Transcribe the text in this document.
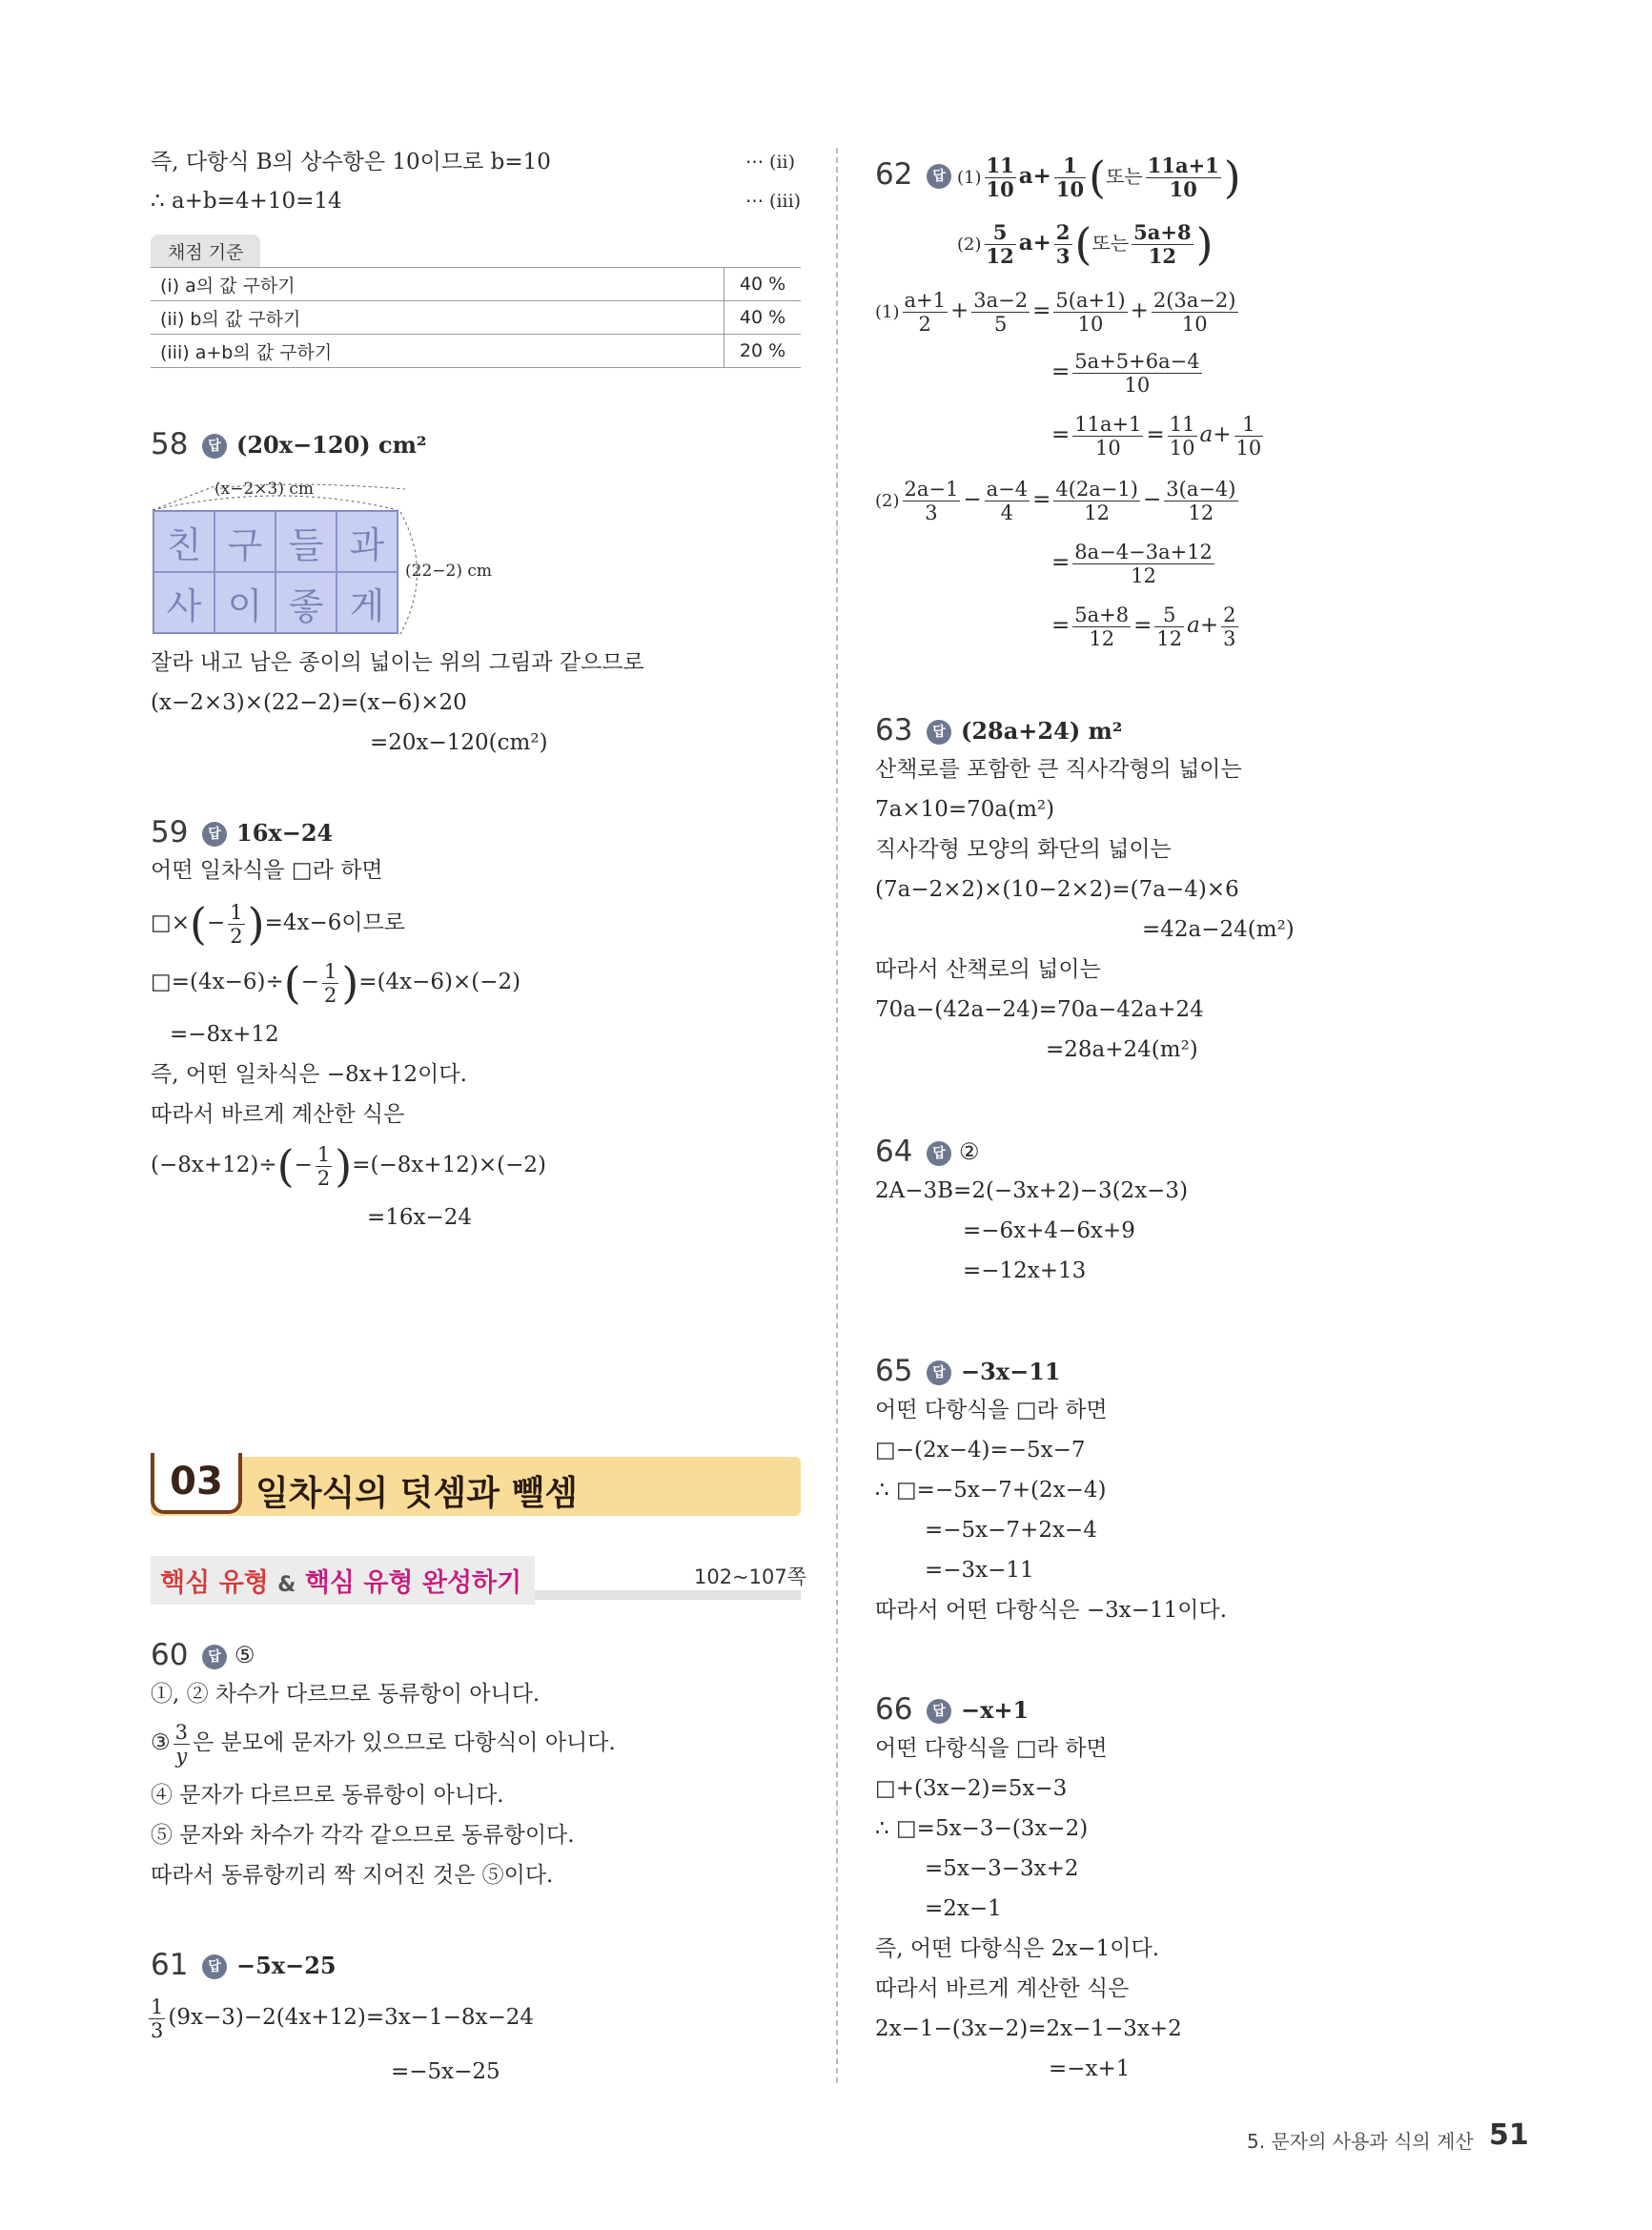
즉, 다항식 B의 상수항은 10이므로 b=10	⋯ (ii)
∴ a+b=4+10=14	⋯ (iii)
채점 기준
(i) a의 값 구하기	40 %
(ii) b의 값 구하기	40 %
(iii) a+b의 값 구하기	20 %
58	답 (20x−120) cm²
(x−2×3) cm
친 구 들 과
사 이 좋 게
(22−2) cm
잘라 내고 남은 종이의 넓이는 위의 그림과 같으므로
(x−2×3)×(22−2)=(x−6)×20
=20x−120(cm²)
59	답 16x−24
어떤 일차식을 □라 하면
□×(− $\frac{1}{2} )=4x-6$이므로
□=(4x−6)÷(− $\frac{1}{2} )=(4x-6)\times(-2)$
=−8x+12
즉, 어떤 일차식은 −8x+12이다.
따라서 바르게 계산한 식은
$(-8x+12)\div(- \frac{1}{2} )=(-8x+12)\times(-2)$
=16x−24
03 일차식의 덧셈과 뺄셈
핵심 유형 & 핵심 유형 완성하기	102~107쪽
60	답 ⑤
①, ② 차수가 다르므로 동류항이 아니다.
③ $\frac{3}{y}$ 은 분모에 문자가 있으므로 다항식이 아니다.
④ 문자가 다르므로 동류항이 아니다.
⑤ 문자와 차수가 각각 같으므로 동류항이다.
따라서 동류항끼리 짝 지어진 것은 ⑤이다.
61	답 −5x−25
$\frac{1}{3} (9x-3)-2(4x+12)=3x-1-8x-24$
=−5x−25
62	답 $(1) \frac{11}{10} a+ \frac{1}{10}$ (또는 $\frac{11a+1}{10}$ )
$(2) \frac{5}{12} a+ \frac{2}{3}$ (또는 $\frac{5a+8}{12}$ )
$(1) \frac{a+1}{2} + \frac{3a-2}{5} = \frac{5(a+1)}{10} + \frac{2(3a-2)}{10}$
= $\frac{5a+5+6a-4}{10}$
= $\frac{11a+1}{10} = \frac{11}{10} a+ \frac{1}{10}$
$(2) \frac{2a-1}{3} - \frac{a-4}{4} = \frac{4(2a-1)}{12} - \frac{3(a-4)}{12}$
= $\frac{8a-4-3a+12}{12}$
= $\frac{5a+8}{12} = \frac{5}{12} a+ \frac{2}{3}$
63	답 (28a+24) m²
산책로를 포함한 큰 직사각형의 넓이는
7a×10=70a(m²)
직사각형 모양의 화단의 넓이는
(7a−2×2)×(10−2×2)=(7a−4)×6
=42a−24(m²)
따라서 산책로의 넓이는
70a−(42a−24)=70a−42a+24
=28a+24(m²)
64	답 ②
2A−3B=2(−3x+2)−3(2x−3)
=−6x+4−6x+9
=−12x+13
65	답 −3x−11
어떤 다항식을 □라 하면
□−(2x−4)=−5x−7
∴ □=−5x−7+(2x−4)
=−5x−7+2x−4
=−3x−11
따라서 어떤 다항식은 −3x−11이다.
66	답 −x+1
어떤 다항식을 □라 하면
□+(3x−2)=5x−3
∴ □=5x−3−(3x−2)
=5x−3−3x+2
=2x−1
즉, 어떤 다항식은 2x−1이다.
따라서 바르게 계산한 식은
2x−1−(3x−2)=2x−1−3x+2
=−x+1
5. 문자의 사용과 식의 계산 51
